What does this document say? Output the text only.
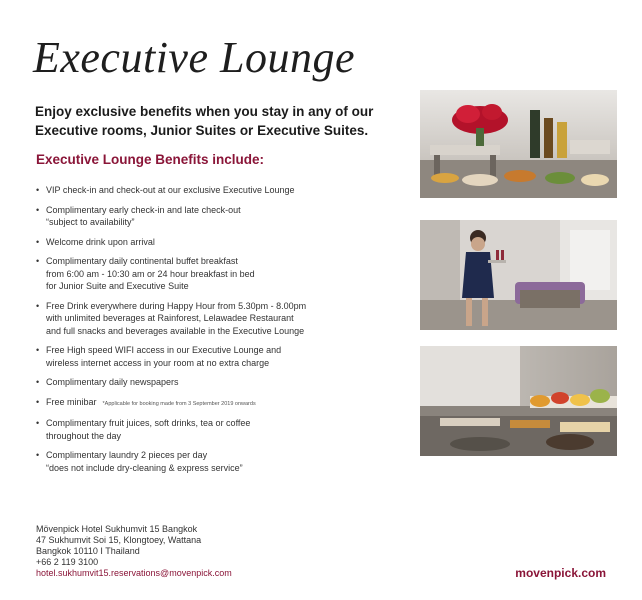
Executive Lounge
Enjoy exclusive benefits when you stay in any of our Executive rooms, Junior Suites or Executive Suites.
Executive Lounge Benefits include:
• VIP check-in and check-out at our exclusive Executive Lounge
• Complimentary early check-in and late check-out
“subject to availability”
• Welcome drink upon arrival
• Complimentary daily continental buffet breakfast
from 6:00 am - 10:30 am or 24 hour breakfast in bed
for Junior Suite and Executive Suite
• Free Drink everywhere during Happy Hour from 5.30pm - 8.00pm
with unlimited beverages at Rainforest, Lelawadee Restaurant
and full snacks and beverages available in the Executive Lounge
• Free High speed WIFI access in our Executive Lounge and
wireless internet access in your room at no extra charge
• Complimentary daily newspapers
• Free minibar *Applicable for booking made from 3 September 2019 onwards
• Complimentary fruit juices, soft drinks, tea or coffee
throughout the day
• Complimentary laundry 2 pieces per day
“does not include dry-cleaning & express service”
Mövenpick Hotel Sukhumvit 15 Bangkok
47 Sukhumvit Soi 15, Klongtoey, Wattana
Bangkok 10110 I Thailand
+66 2 119 3100
hotel.sukhumvit15.reservations@movenpick.com	movenpick.com
